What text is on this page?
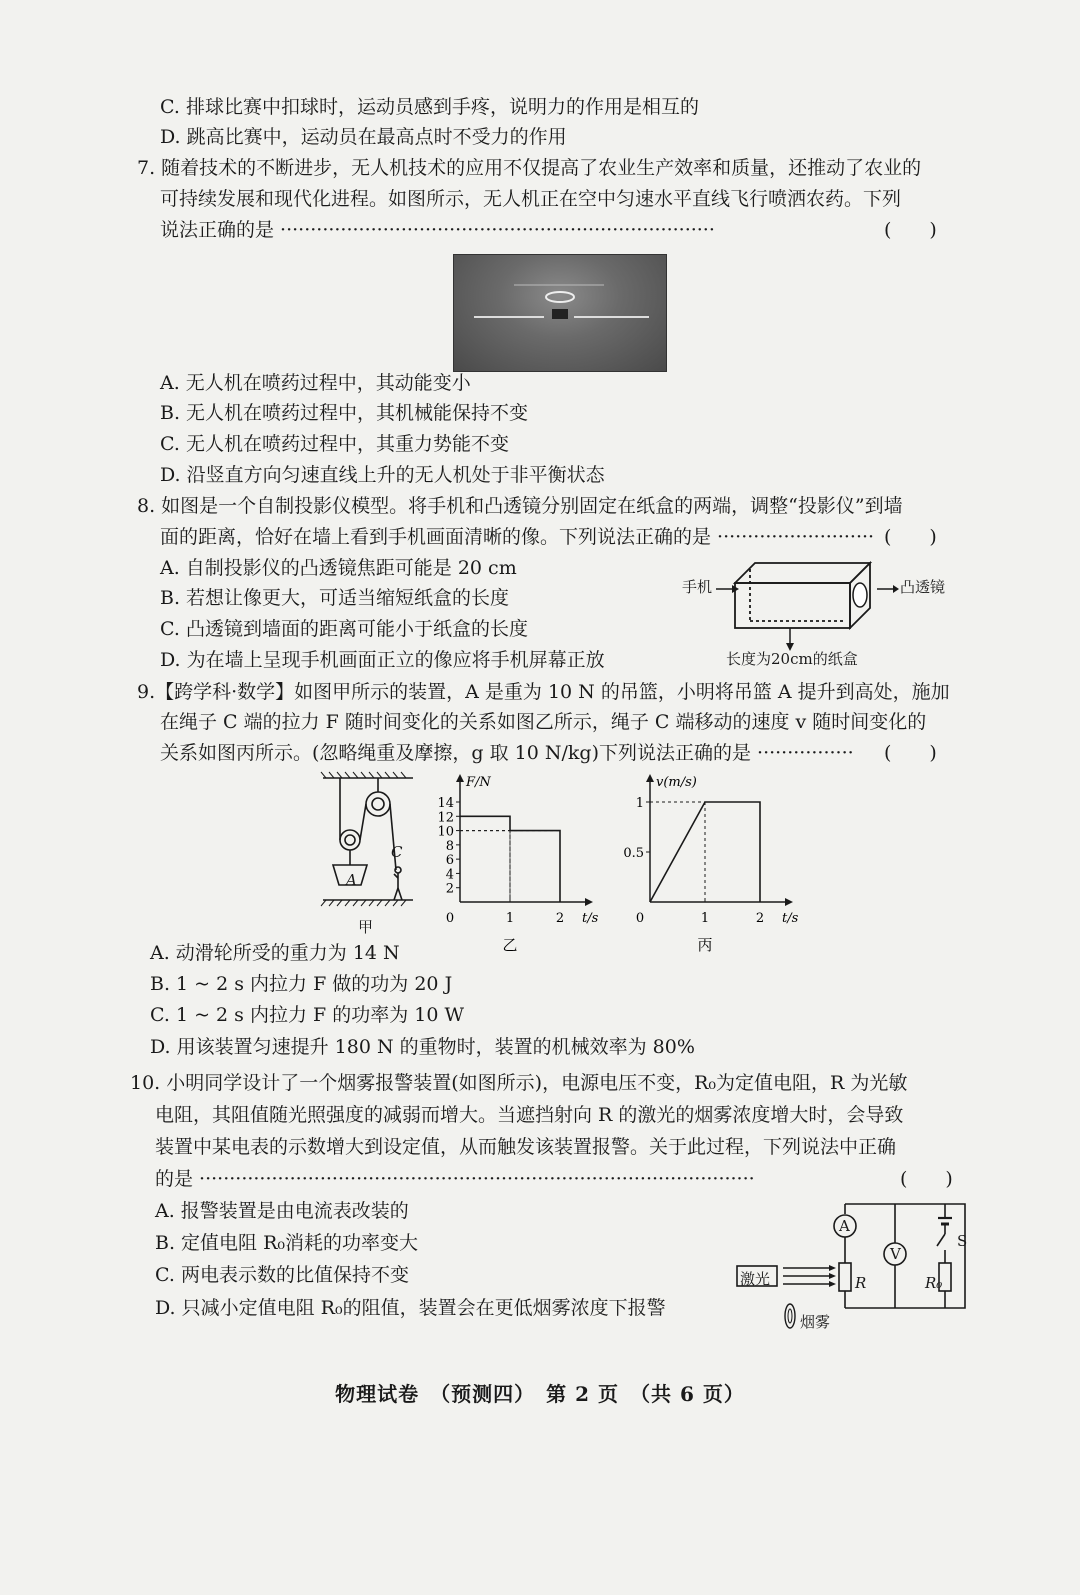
C. 排球比赛中扣球时，运动员感到手疼，说明力的作用是相互的
D. 跳高比赛中，运动员在最高点时不受力的作用
7. 随着技术的不断进步，无人机技术的应用不仅提高了农业生产效率和质量，还推动了农业的
可持续发展和现代化进程。如图所示，无人机正在空中匀速水平直线飞行喷洒农药。下列
说法正确的是 ········································································	(　　)
A. 无人机在喷药过程中，其动能变小
B. 无人机在喷药过程中，其机械能保持不变
C. 无人机在喷药过程中，其重力势能不变
D. 沿竖直方向匀速直线上升的无人机处于非平衡状态
8. 如图是一个自制投影仪模型。将手机和凸透镜分别固定在纸盒的两端，调整“投影仪”到墙
面的距离，恰好在墙上看到手机画面清晰的像。下列说法正确的是 ·························· (　　)
A. 自制投影仪的凸透镜焦距可能是 20 cm
B. 若想让像更大，可适当缩短纸盒的长度
C. 凸透镜到墙面的距离可能小于纸盒的长度
D. 为在墙上呈现手机画面正立的像应将手机屏幕正放
手机	凸透镜
长度为20cm的纸盒
9.【跨学科·数学】如图甲所示的装置，A 是重为 10 N 的吊篮，小明将吊篮 A 提升到高处，施加
在绳子 C 端的拉力 F 随时间变化的关系如图乙所示，绳子 C 端移动的速度 v 随时间变化的
关系如图丙所示。(忽略绳重及摩擦，g 取 10 N/kg)下列说法正确的是 ················ (　　)
A
C
甲
F/N
t/s
14
12
10
8
6
4
2
0	1	2
乙
v(m/s)
t/s
1
0.5
0	1	2
丙
A. 动滑轮所受的重力为 14 N
B. 1 ~ 2 s 内拉力 F 做的功为 20 J
C. 1 ~ 2 s 内拉力 F 的功率为 10 W
D. 用该装置匀速提升 180 N 的重物时，装置的机械效率为 80%
10. 小明同学设计了一个烟雾报警装置(如图所示)，电源电压不变，R₀为定值电阻，R 为光敏
电阻，其阻值随光照强度的减弱而增大。当遮挡射向 R 的激光的烟雾浓度增大时，会导致
装置中某电表的示数增大到设定值，从而触发该装置报警。关于此过程，下列说法中正确
的是 ····························································································	(　　)
A. 报警装置是由电流表改装的
B. 定值电阻 R₀消耗的功率变大
C. 两电表示数的比值保持不变
D. 只减小定值电阻 R₀的阻值，装置会在更低烟雾浓度下报警
A
V
S
R	R₀
激光
烟雾
物理试卷　（预测四）　第 2 页　（共 6 页）
